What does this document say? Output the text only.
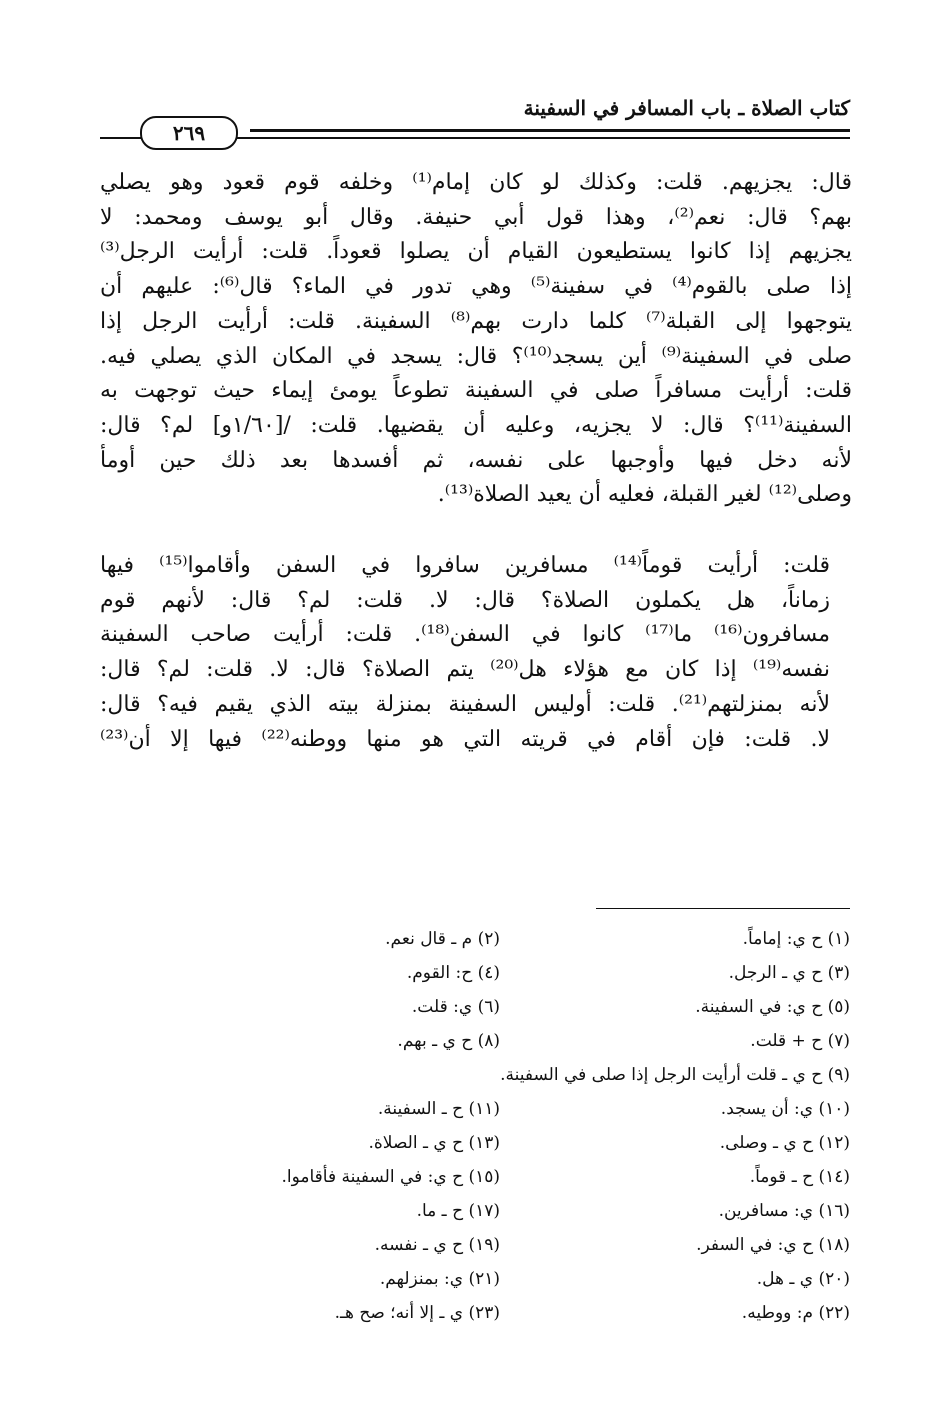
كتاب الصلاة ـ باب المسافر في السفينة
٢٦٩

قال: يجزيهم. قلت: وكذلك لو كان إمام⁽¹⁾ وخلفه قوم قعود وهو يصلي
بهم؟ قال: نعم⁽²⁾، وهذا قول أبي حنيفة. وقال أبو يوسف ومحمد: لا
يجزيهم إذا كانوا يستطيعون القيام أن يصلوا قعوداً. قلت: أرأيت الرجل⁽³⁾
إذا صلى بالقوم⁽⁴⁾ في سفينة⁽⁵⁾ وهي تدور في الماء؟ قال⁽⁶⁾: عليهم أن
يتوجهوا إلى القبلة⁽⁷⁾ كلما دارت بهم⁽⁸⁾ السفينة. قلت: أرأيت الرجل إذا
صلى في السفينة⁽⁹⁾ أين يسجد⁽¹⁰⁾؟ قال: يسجد في المكان الذي يصلي فيه.
قلت: أرأيت مسافراً صلى في السفينة تطوعاً يومئ إيماء حيث توجهت به
السفينة⁽¹¹⁾؟ قال: لا يجزيه، وعليه أن يقضيها. قلت: /[١/٦٠و] لم؟ قال:
لأنه دخل فيها وأوجبها على نفسه، ثم أفسدها بعد ذلك حين أومأ
وصلى⁽¹²⁾ لغير القبلة، فعليه أن يعيد الصلاة⁽¹³⁾.

قلت: أرأيت قوماً⁽¹⁴⁾ مسافرين سافروا في السفن وأقاموا⁽¹⁵⁾ فيها
زماناً، هل يكملون الصلاة؟ قال: لا. قلت: لم؟ قال: لأنهم قوم
مسافرون⁽¹⁶⁾ ما⁽¹⁷⁾ كانوا في السفن⁽¹⁸⁾. قلت: أرأيت صاحب السفينة
نفسه⁽¹⁹⁾ إذا كان مع هؤلاء هل⁽²⁰⁾ يتم الصلاة؟ قال: لا. قلت: لم؟ قال:
لأنه بمنزلتهم⁽²¹⁾. قلت: أوليس السفينة بمنزلة بيته الذي يقيم فيه؟ قال:
لا. قلت: فإن أقام في قريته التي هو منها ووطنه⁽²²⁾ فيها إلا أن⁽²³⁾

(١) ح ي: إماماً.
(٢) م ـ قال نعم.
(٣) ح ي ـ الرجل.
(٤) ح: القوم.
(٥) ح ي: في السفينة.
(٦) ي: قلت.
(٧) ح + قلت.
(٨) ح ي ـ بهم.
(٩) ح ي ـ قلت أرأيت الرجل إذا صلى في السفينة.
(١٠) ي: أن يسجد.
(١١) ح ـ السفينة.
(١٢) ح ي ـ وصلى.
(١٣) ح ي ـ الصلاة.
(١٤) ح ـ قوماً.
(١٥) ح ي: في السفينة فأقاموا.
(١٦) ي: مسافرين.
(١٧) ح ـ ما.
(١٨) ح ي: في السفر.
(١٩) ح ي ـ نفسه.
(٢٠) ي ـ هل.
(٢١) ي: بمنزلهم.
(٢٢) م: ووطيه.
(٢٣) ي ـ إلا أنه؛ صح هـ.
